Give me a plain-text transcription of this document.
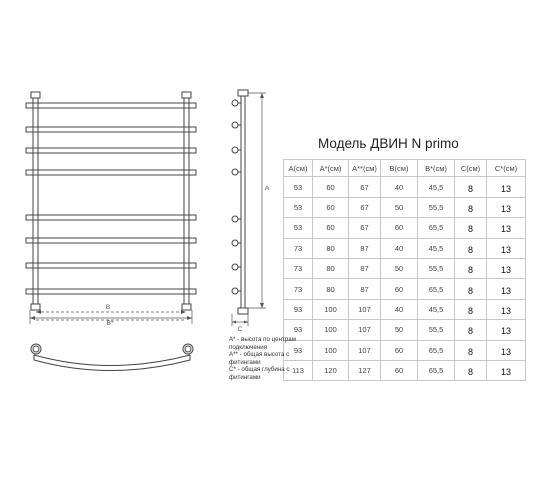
B
B*
A
C
Модель ДВИН N primo
A(см)	A*(см)	A**(см)	B(см)	B*(см)	C(см)	C*(см)
53	60	67	40	45,5	8	13
53	60	67	50	55,5	8	13
53	60	67	60	65,5	8	13
73	80	87	40	45,5	8	13
73	80	87	50	55,5	8	13
73	80	87	60	65,5	8	13
93	100	107	40	45,5	8	13
93	100	107	50	55,5	8	13
93	100	107	60	65,5	8	13
113	120	127	60	65,5	8	13
A* - высота по центрам
подключения
A** - общая высота с
фитингами
C* - общая глубина с
фитингами
